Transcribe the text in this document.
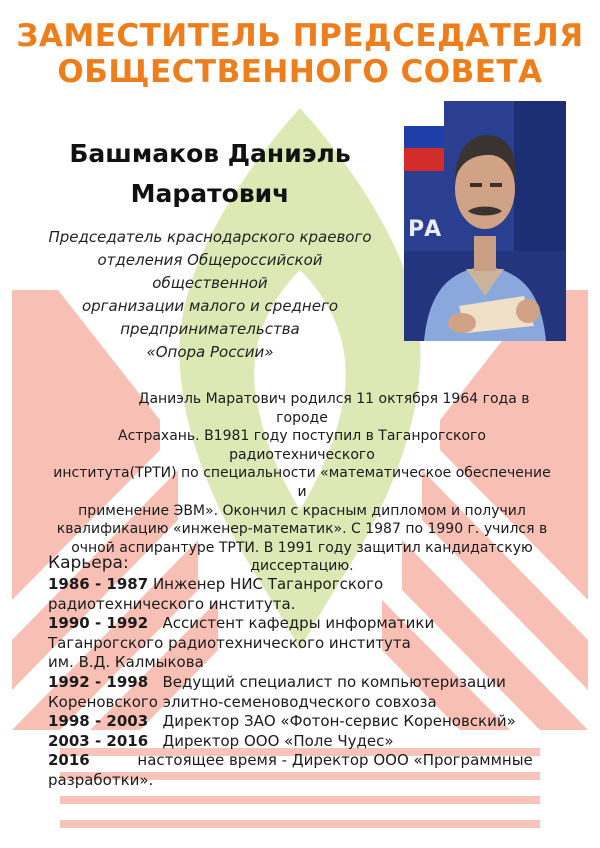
ЗАМЕСТИТЕЛЬ ПРЕДСЕДАТЕЛЯ
ОБЩЕСТВЕННОГО СОВЕТА
Башмаков Даниэль
Маратович
Председатель краснодарского краевого
отделения Общероссийской общественной
организации малого и среднего
предпринимательства
«Опора России»
РА
Даниэль Маратович родился 11 октября 1964 года в городе
Астрахань. В1981 году поступил в Таганрогского радиотехнического
института(ТРТИ) по специальности «математическое обеспечение и
применение ЭВМ». Окончил с красным дипломом и получил
квалификацию «инженер-математик». С 1987 по 1990 г. учился в
очной аспирантуре ТРТИ. В 1991 году защитил кандидатскую
диссертацию.
Карьера:

1986 - 1987 Инженер НИС Таганрогского

радиотехнического института.

1990 - 1992   Ассистент кафедры информатики

Таганрогского радиотехнического института

им. В.Д. Калмыкова

1992 - 1998   Ведущий специалист по компьютеризации

Кореновского элитно-семеноводческого совхоза

1998 - 2003   Директор ЗАО «Фотон-сервис Кореновский»

2003 - 2016   Директор ООО «Поле Чудес»

2016          настоящее время - Директор ООО «Программные

разработки».
